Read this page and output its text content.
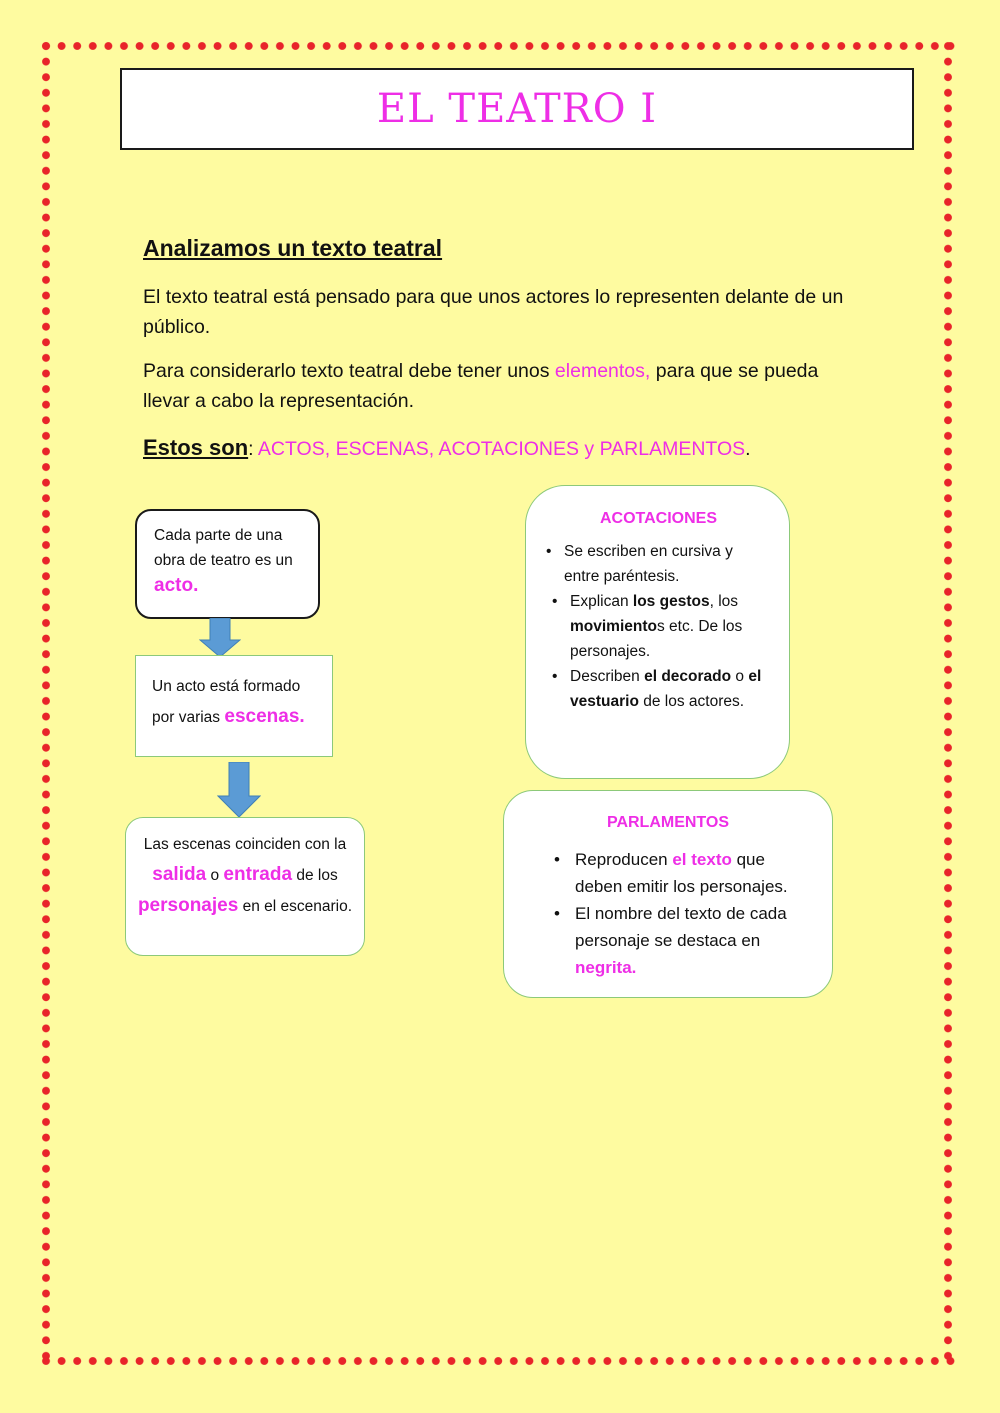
EL TEATRO I
Analizamos un texto teatral

El texto teatral está pensado para que unos actores lo representen delante de un público.

Para considerarlo texto teatral debe tener unos elementos, para que se pueda llevar a cabo la representación.

Estos son: ACTOS, ESCENAS, ACOTACIONES y PARLAMENTOS.

Cada parte de una obra de teatro es un acto.
Un acto está formado por varias escenas.
Las escenas coinciden con la salida o entrada de los personajes en el escenario.
ACOTACIONES
• Se escriben en cursiva y entre paréntesis.
• Explican los gestos, los movimientos etc. De los personajes.
• Describen el decorado o el vestuario de los actores.
PARLAMENTOS
• Reproducen el texto que deben emitir los personajes.
• El nombre del texto de cada personaje se destaca en negrita.
